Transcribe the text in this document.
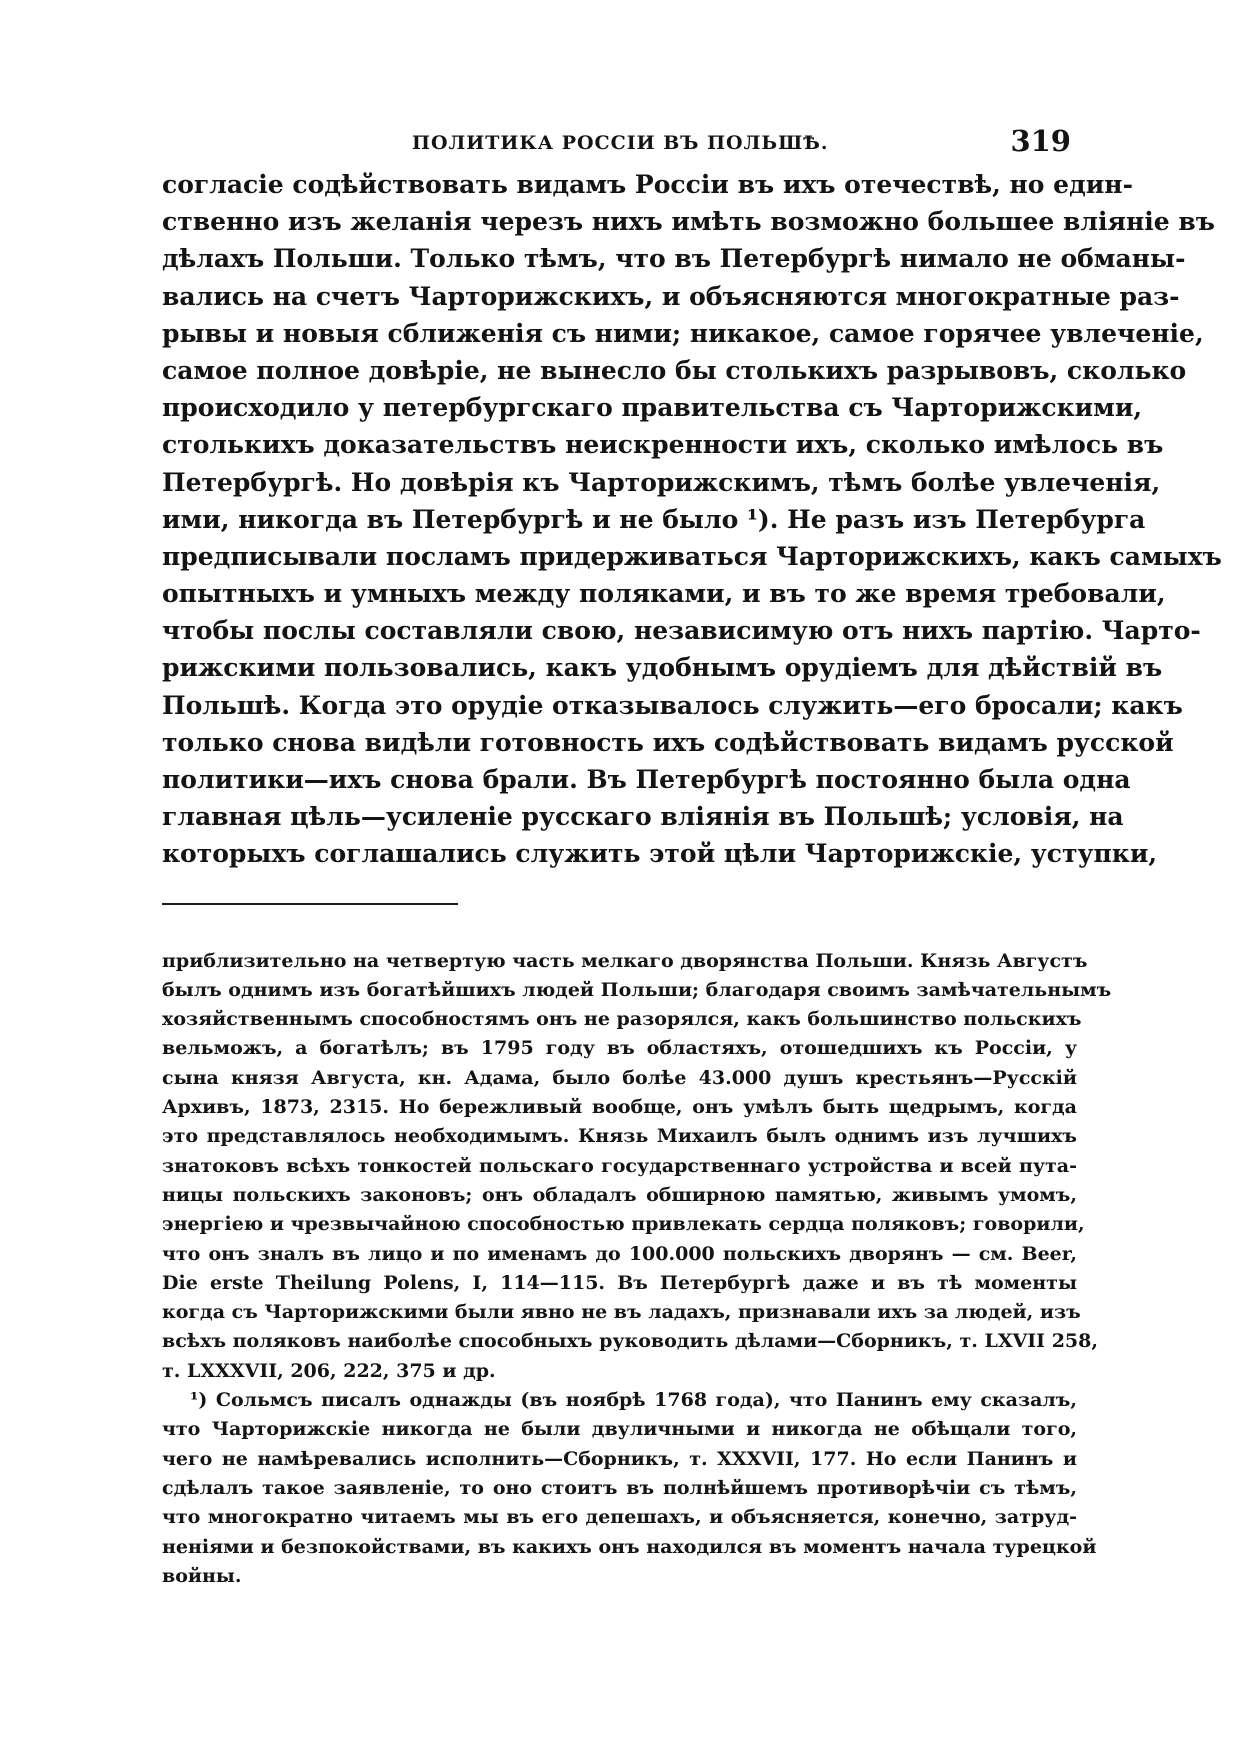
ПОЛИТИКА РОССІИ ВЪ ПОЛЬШѢ.	319
согласіе содѣйствовать видамъ Россіи въ ихъ отечествѣ, но един-
ственно изъ желанія черезъ нихъ имѣть возможно большее вліяніе въ
дѣлахъ Польши. Только тѣмъ, что въ Петербургѣ нимало не обманы-
вались на счетъ Чарторижскихъ, и объясняются многократные раз-
рывы и новыя сближенія съ ними; никакое, самое горячее увлеченіе,
самое полное довѣріе, не вынесло бы столькихъ разрывовъ, сколько
происходило у петербургскаго правительства съ Чарторижскими,
столькихъ доказательствъ неискренности ихъ, сколько имѣлось въ
Петербургѣ. Но довѣрія къ Чарторижскимъ, тѣмъ болѣе увлеченія,
ими, никогда въ Петербургѣ и не было ¹). Не разъ изъ Петербурга
предписывали посламъ придерживаться Чарторижскихъ, какъ самыхъ
опытныхъ и умныхъ между поляками, и въ то же время требовали,
чтобы послы составляли свою, независимую отъ нихъ партію. Чарто-
рижскими пользовались, какъ удобнымъ орудіемъ для дѣйствій въ
Польшѣ. Когда это орудіе отказывалось служить—его бросали; какъ
только снова видѣли готовность ихъ содѣйствовать видамъ русской
политики—ихъ снова брали. Въ Петербургѣ постоянно была одна
главная цѣль—усиленіе русскаго вліянія въ Польшѣ; условія, на
которыхъ соглашались служить этой цѣли Чарторижскіе, уступки,
приблизительно на четвертую часть мелкаго дворянства Польши. Князь Августъ
былъ однимъ изъ богатѣйшихъ людей Польши; благодаря своимъ замѣчательнымъ
хозяйственнымъ способностямъ онъ не разорялся, какъ большинство польскихъ
вельможъ, а богатѣлъ; въ 1795 году въ областяхъ, отошедшихъ къ Россіи, у
сына князя Августа, кн. Адама, было болѣе 43.000 душъ крестьянъ—Русскій
Архивъ, 1873, 2315. Но бережливый вообще, онъ умѣлъ быть щедрымъ, когда
это представлялось необходимымъ. Князь Михаилъ былъ однимъ изъ лучшихъ
знатоковъ всѣхъ тонкостей польскаго государственнаго устройства и всей пута-
ницы польскихъ законовъ; онъ обладалъ обширною памятью, живымъ умомъ,
энергіею и чрезвычайною способностью привлекать сердца поляковъ; говорили,
что онъ зналъ въ лицо и по именамъ до 100.000 польскихъ дворянъ — см. Beer,
Die erste Theilung Polens, I, 114—115. Въ Петербургѣ даже и въ тѣ моменты
когда съ Чарторижскими были явно не въ ладахъ, признавали ихъ за людей, изъ
всѣхъ поляковъ наиболѣе способныхъ руководить дѣлами—Сборникъ, т. LXVII 258,
т. LXXXVII, 206, 222, 375 и др.
¹) Сольмсъ писалъ однажды (въ ноябрѣ 1768 года), что Панинъ ему сказалъ,
что Чарторижскіе никогда не были двуличными и никогда не обѣщали того,
чего не намѣревались исполнить—Сборникъ, т. XXXVII, 177. Но если Панинъ и
сдѣлалъ такое заявленіе, то оно стоитъ въ полнѣйшемъ противорѣчіи съ тѣмъ,
что многократно читаемъ мы въ его депешахъ, и объясняется, конечно, затруд-
неніями и безпокойствами, въ какихъ онъ находился въ моментъ начала турецкой
войны.
